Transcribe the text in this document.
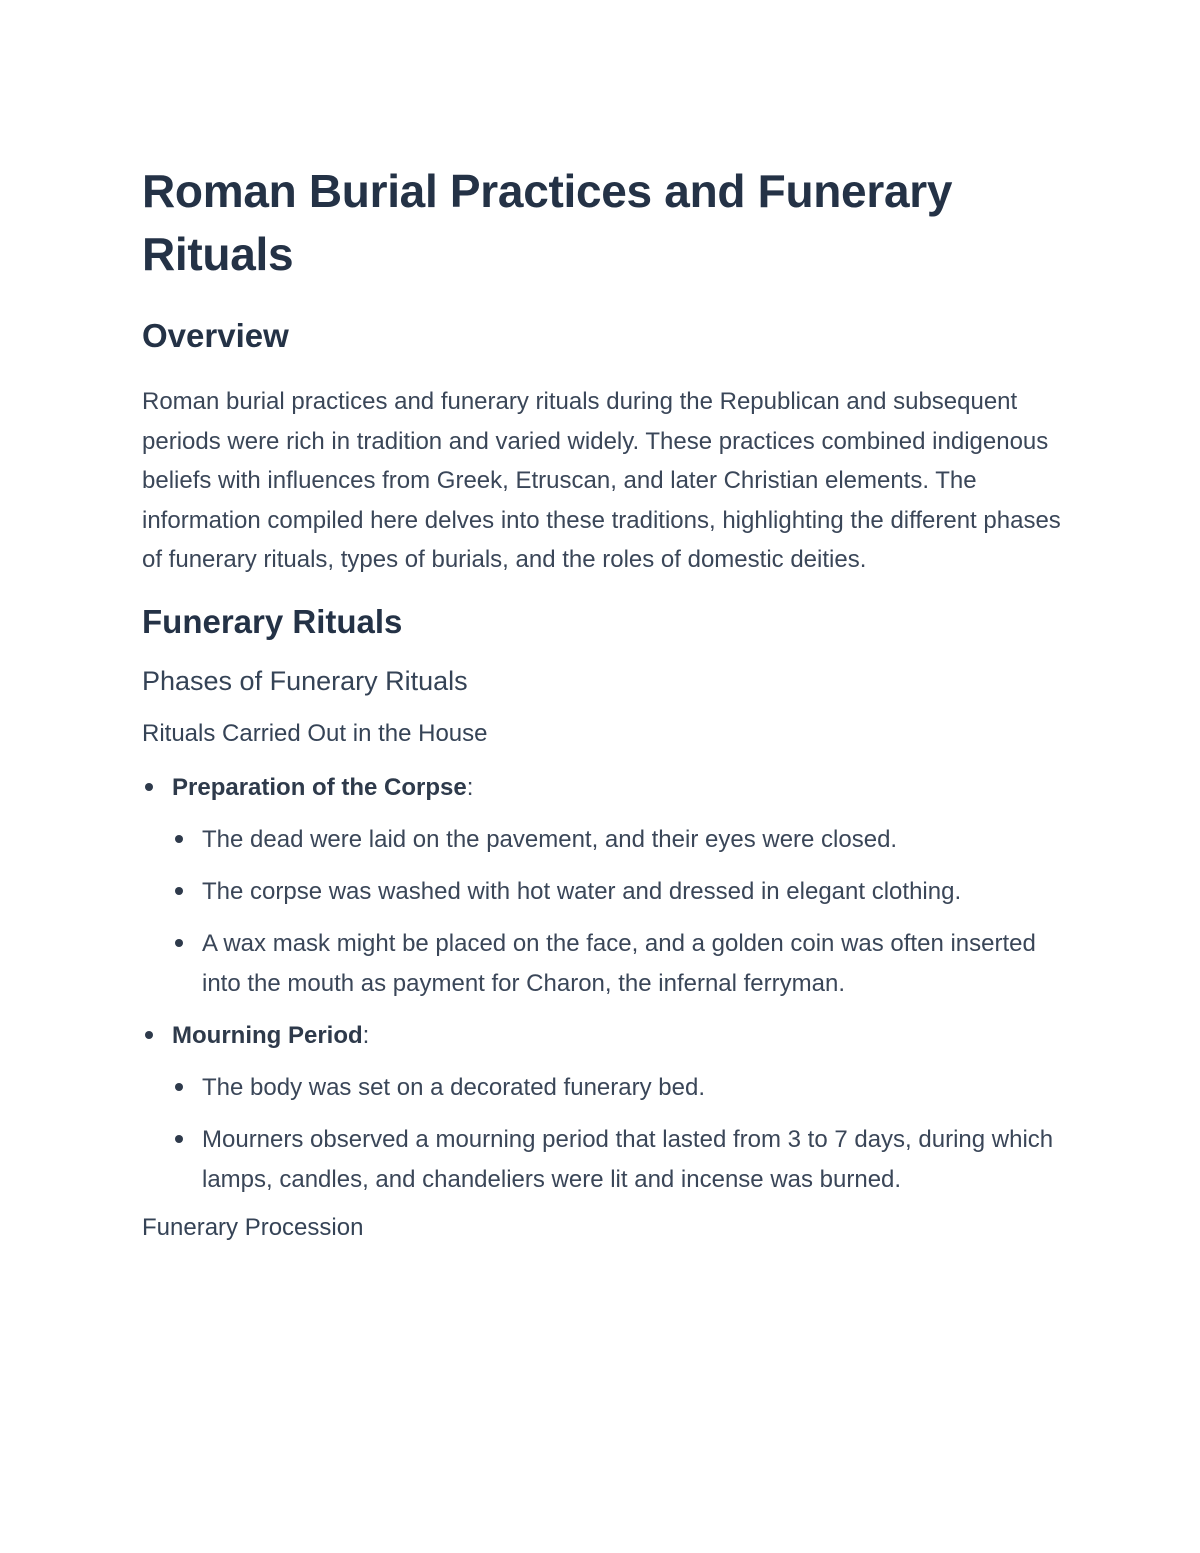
Roman Burial Practices and Funerary Rituals
Overview

Roman burial practices and funerary rituals during the Republican and subsequent periods were rich in tradition and varied widely. These practices combined indigenous beliefs with influences from Greek, Etruscan, and later Christian elements. The information compiled here delves into these traditions, highlighting the different phases of funerary rituals, types of burials, and the roles of domestic deities.

Funerary Rituals
Phases of Funerary Rituals
Rituals Carried Out in the House
Preparation of the Corpse:
The dead were laid on the pavement, and their eyes were closed.
The corpse was washed with hot water and dressed in elegant clothing.
A wax mask might be placed on the face, and a golden coin was often inserted into the mouth as payment for Charon, the infernal ferryman.
Mourning Period:
The body was set on a decorated funerary bed.
Mourners observed a mourning period that lasted from 3 to 7 days, during which lamps, candles, and chandeliers were lit and incense was burned.
Funerary Procession
